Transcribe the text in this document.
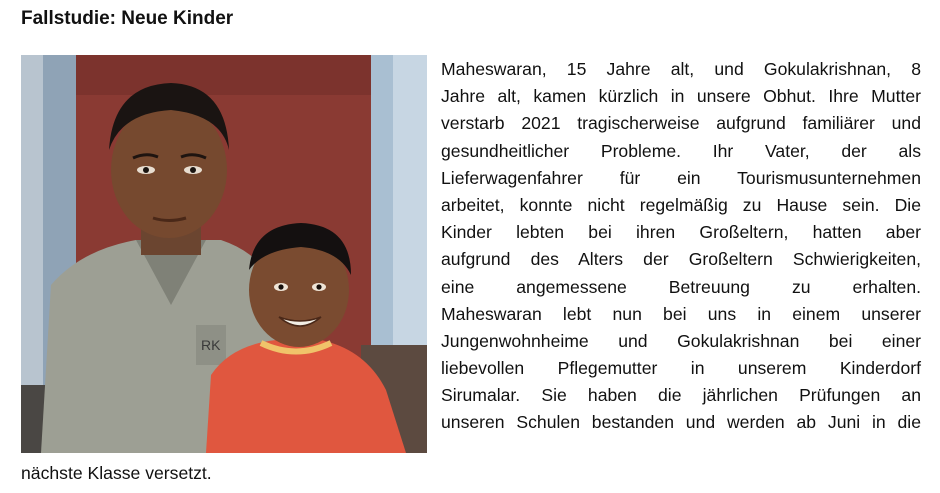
Fallstudie: Neue Kinder
RK
Maheswaran, 15 Jahre alt, und Gokulakrishnan, 8
Jahre alt, kamen kürzlich in unsere Obhut. Ihre Mutter
verstarb 2021 tragischerweise aufgrund familiärer und
gesundheitlicher Probleme. Ihr Vater, der als
Lieferwagenfahrer für ein Tourismusunternehmen
arbeitet, konnte nicht regelmäßig zu Hause sein. Die
Kinder lebten bei ihren Großeltern, hatten aber
aufgrund des Alters der Großeltern Schwierigkeiten,
eine angemessene Betreuung zu erhalten.
Maheswaran lebt nun bei uns in einem unserer
Jungenwohnheime und Gokulakrishnan bei einer
liebevollen Pflegemutter in unserem Kinderdorf
Sirumalar. Sie haben die jährlichen Prüfungen an
unseren Schulen bestanden und werden ab Juni in die
nächste Klasse versetzt.
